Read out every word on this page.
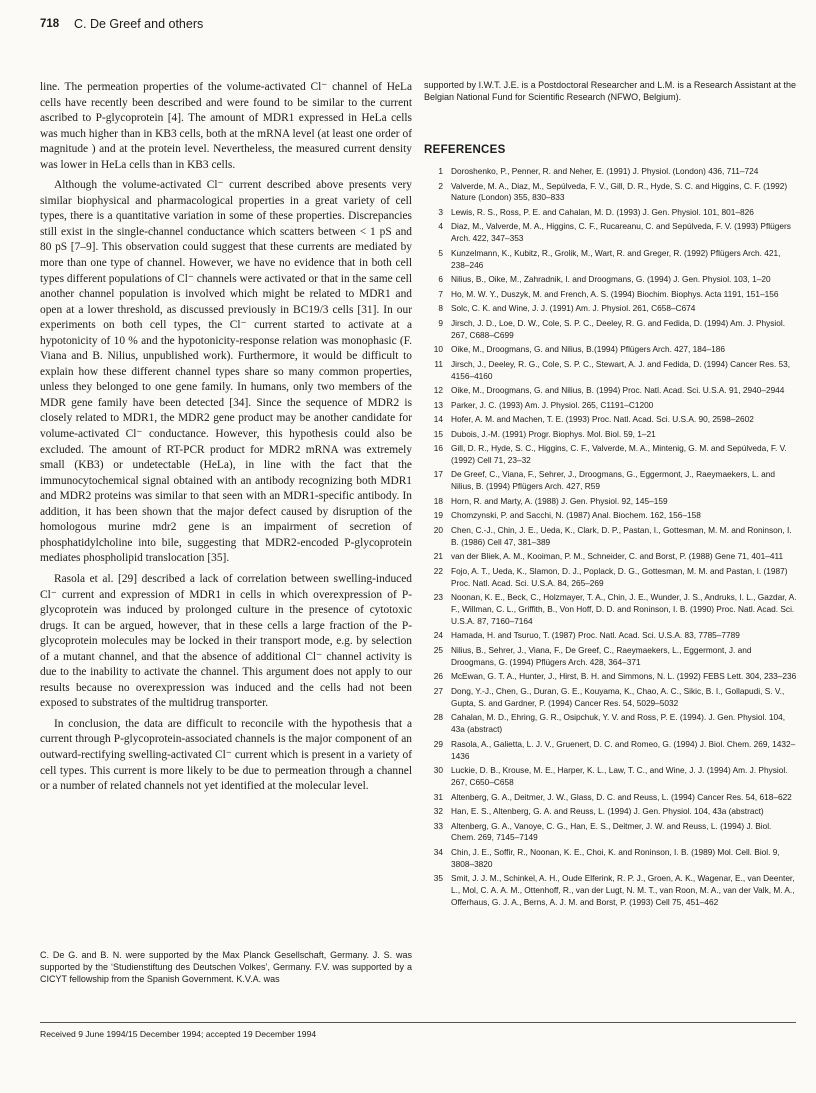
718 C. De Greef and others

line. The permeation properties of the volume-activated Cl⁻ channel of HeLa cells have recently been described and were found to be similar to the current ascribed to P-glycoprotein [4]. The amount of MDR1 expressed in HeLa cells was much higher than in KB3 cells, both at the mRNA level (at least one order of magnitude ) and at the protein level. Nevertheless, the measured current density was lower in HeLa cells than in KB3 cells.

Although the volume-activated Cl⁻ current described above presents very similar biophysical and pharmacological properties in a great variety of cell types, there is a quantitative variation in some of these properties. Discrepancies still exist in the single-channel conductance which scatters between < 1 pS and 80 pS [7–9]. This observation could suggest that these currents are mediated by more than one type of channel. However, we have no evidence that in both cell types different populations of Cl⁻ channels were activated or that in the same cell another channel population is involved which might be related to MDR1 and open at a lower threshold, as discussed previously in BC19/3 cells [31]. In our experiments on both cell types, the Cl⁻ current started to activate at a hypotonicity of 10 % and the hypotonicity-response relation was monophasic (F. Viana and B. Nilius, unpublished work). Furthermore, it would be difficult to explain how these different channel types share so many common properties, unless they belonged to one gene family. In humans, only two members of the MDR gene family have been detected [34]. Since the sequence of MDR2 is closely related to MDR1, the MDR2 gene product may be another candidate for volume-activated Cl⁻ conductance. However, this hypothesis could also be excluded. The amount of RT-PCR product for MDR2 mRNA was extremely small (KB3) or undetectable (HeLa), in line with the fact that the immunocytochemical signal obtained with an antibody recognizing both MDR1 and MDR2 proteins was similar to that seen with an MDR1-specific antibody. In addition, it has been shown that the major defect caused by disruption of the homologous murine mdr2 gene is an impairment of secretion of phosphatidylcholine into bile, suggesting that MDR2-encoded P-glycoprotein mediates phospholipid translocation [35].

Rasola et al. [29] described a lack of correlation between swelling-induced Cl⁻ current and expression of MDR1 in cells in which overexpression of P-glycoprotein was induced by prolonged culture in the presence of cytotoxic drugs. It can be argued, however, that in these cells a large fraction of the P-glycoprotein molecules may be locked in their transport mode, e.g. by selection of a mutant channel, and that the absence of additional Cl⁻ channel activity is due to the inability to activate the channel. This argument does not apply to our results because no overexpression was induced and the cells had not been exposed to substrates of the multidrug transporter.

In conclusion, the data are difficult to reconcile with the hypothesis that a current through P-glycoprotein-associated channels is the major component of an outward-rectifying swelling-activated Cl⁻ current which is present in a variety of cell types. This current is more likely to be due to permeation through a channel or a number of related channels not yet identified at the molecular level.

C. De G. and B. N. were supported by the Max Planck Gesellschaft, Germany. J. S. was supported by the ‘Studienstiftung des Deutschen Volkes’, Germany. F.V. was supported by a CICYT fellowship from the Spanish Government. K.V.A. was
supported by I.W.T. J.E. is a Postdoctoral Researcher and L.M. is a Research Assistant at the Belgian National Fund for Scientific Research (NFWO, Belgium).
REFERENCES
1 Doroshenko, P., Penner, R. and Neher, E. (1991) J. Physiol. (London) 436, 711–724
2 Valverde, M. A., Diaz, M., Sepúlveda, F. V., Gill, D. R., Hyde, S. C. and Higgins, C. F. (1992) Nature (London) 355, 830–833
3 Lewis, R. S., Ross, P. E. and Cahalan, M. D. (1993) J. Gen. Physiol. 101, 801–826
4 Diaz, M., Valverde, M. A., Higgins, C. F., Rucareanu, C. and Sepúlveda, F. V. (1993) Pflügers Arch. 422, 347–353
5 Kunzelmann, K., Kubitz, R., Grolik, M., Wart, R. and Greger, R. (1992) Pflügers Arch. 421, 238–246
6 Nilius, B., Oike, M., Zahradnik, I. and Droogmans, G. (1994) J. Gen. Physiol. 103, 1–20
7 Ho, M. W. Y., Duszyk, M. and French, A. S. (1994) Biochim. Biophys. Acta 1191, 151–156
8 Solc, C. K. and Wine, J. J. (1991) Am. J. Physiol. 261, C658–C674
9 Jirsch, J. D., Loe, D. W., Cole, S. P. C., Deeley, R. G. and Fedida, D. (1994) Am. J. Physiol. 267, C688–C699
10 Oike, M., Droogmans, G. and Nilius, B.(1994) Pflügers Arch. 427, 184–186
11 Jirsch, J., Deeley, R. G., Cole, S. P. C., Stewart, A. J. and Fedida, D. (1994) Cancer Res. 53, 4156–4160
12 Oike, M., Droogmans, G. and Nilius, B. (1994) Proc. Natl. Acad. Sci. U.S.A. 91, 2940–2944
13 Parker, J. C. (1993) Am. J. Physiol. 265, C1191–C1200
14 Hofer, A. M. and Machen, T. E. (1993) Proc. Natl. Acad. Sci. U.S.A. 90, 2598–2602
15 Dubois, J.-M. (1991) Progr. Biophys. Mol. Biol. 59, 1–21
16 Gill, D. R., Hyde, S. C., Higgins, C. F., Valverde, M. A., Mintenig, G. M. and Sepúlveda, F. V. (1992) Cell 71, 23–32
17 De Greef, C., Viana, F., Sehrer, J., Droogmans, G., Eggermont, J., Raeymaekers, L. and Nilius, B. (1994) Pflügers Arch. 427, R59
18 Horn, R. and Marty, A. (1988) J. Gen. Physiol. 92, 145–159
19 Chomzynski, P. and Sacchi, N. (1987) Anal. Biochem. 162, 156–158
20 Chen, C.-J., Chin, J. E., Ueda, K., Clark, D. P., Pastan, I., Gottesman, M. M. and Roninson, I. B. (1986) Cell 47, 381–389
21 van der Bliek, A. M., Kooiman, P. M., Schneider, C. and Borst, P. (1988) Gene 71, 401–411
22 Fojo, A. T., Ueda, K., Slamon, D. J., Poplack, D. G., Gottesman, M. M. and Pastan, I. (1987) Proc. Natl. Acad. Sci. U.S.A. 84, 265–269
23 Noonan, K. E., Beck, C., Holzmayer, T. A., Chin, J. E., Wunder, J. S., Andruks, I. L., Gazdar, A. F., Willman, C. L., Griffith, B., Von Hoff, D. D. and Roninson, I. B. (1990) Proc. Natl. Acad. Sci. U.S.A. 87, 7160–7164
24 Hamada, H. and Tsuruo, T. (1987) Proc. Natl. Acad. Sci. U.S.A. 83, 7785–7789
25 Nilius, B., Sehrer, J., Viana, F., De Greef, C., Raeymaekers, L., Eggermont, J. and Droogmans, G. (1994) Pflügers Arch. 428, 364–371
26 McEwan, G. T. A., Hunter, J., Hirst, B. H. and Simmons, N. L. (1992) FEBS Lett. 304, 233–236
27 Dong, Y.-J., Chen, G., Duran, G. E., Kouyama, K., Chao, A. C., Sikic, B. I., Gollapudi, S. V., Gupta, S. and Gardner, P. (1994) Cancer Res. 54, 5029–5032
28 Cahalan, M. D., Ehring, G. R., Osipchuk, Y. V. and Ross, P. E. (1994). J. Gen. Physiol. 104, 43a (abstract)
29 Rasola, A., Galietta, L. J. V., Gruenert, D. C. and Romeo, G. (1994) J. Biol. Chem. 269, 1432–1436
30 Luckie, D. B., Krouse, M. E., Harper, K. L., Law, T. C., and Wine, J. J. (1994) Am. J. Physiol. 267, C650–C658
31 Altenberg, G. A., Deitmer, J. W., Glass, D. C. and Reuss, L. (1994) Cancer Res. 54, 618–622
32 Han, E. S., Altenberg, G. A. and Reuss, L. (1994) J. Gen. Physiol. 104, 43a (abstract)
33 Altenberg, G. A., Vanoye, C. G., Han, E. S., Deitmer, J. W. and Reuss, L. (1994) J. Biol. Chem. 269, 7145–7149
34 Chin, J. E., Soffir, R., Noonan, K. E., Choi, K. and Roninson, I. B. (1989) Mol. Cell. Biol. 9, 3808–3820
35 Smit, J. J. M., Schinkel, A. H., Oude Elferink, R. P. J., Groen, A. K., Wagenar, E., van Deenter, L., Mol, C. A. A. M., Ottenhoff, R., van der Lugt, N. M. T., van Roon, M. A., van der Valk, M. A., Offerhaus, G. J. A., Berns, A. J. M. and Borst, P. (1993) Cell 75, 451–462
Received 9 June 1994/15 December 1994; accepted 19 December 1994
